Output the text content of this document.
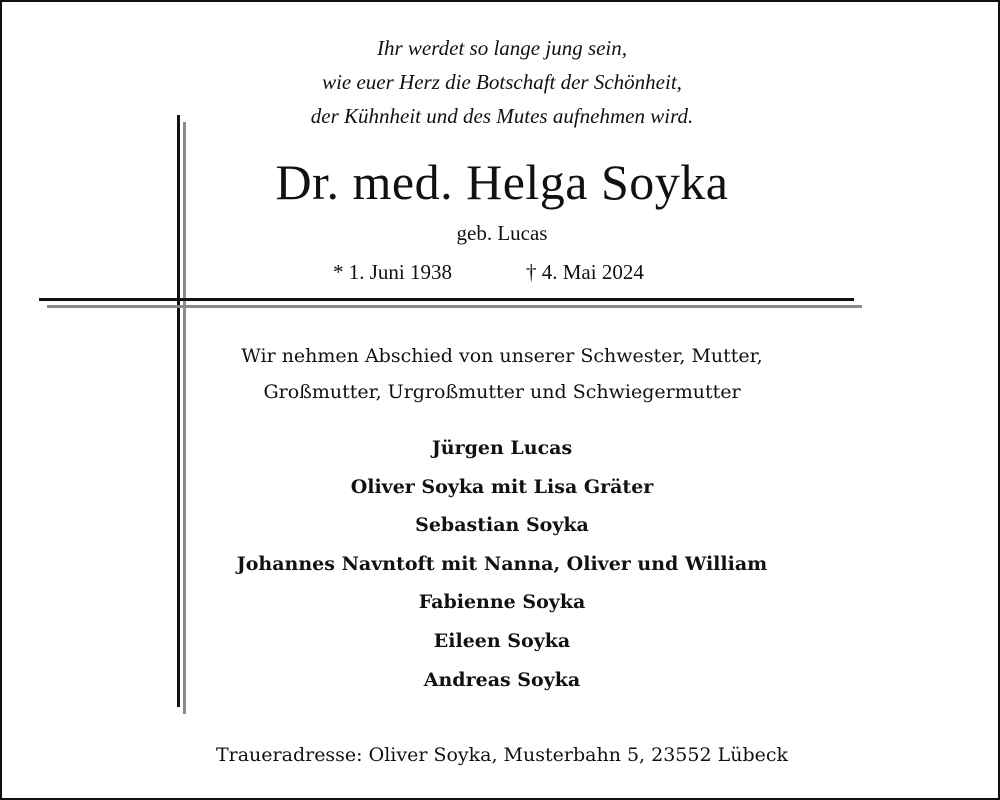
Ihr werdet so lange jung sein,
wie euer Herz die Botschaft der Schönheit,
der Kühnheit und des Mutes aufnehmen wird.
Dr. med. Helga Soyka
geb. Lucas
* 1. Juni 1938	† 4. Mai 2024
Wir nehmen Abschied von unserer Schwester, Mutter,
Großmutter, Urgroßmutter und Schwiegermutter
Jürgen Lucas
Oliver Soyka mit Lisa Gräter
Sebastian Soyka
Johannes Navntoft mit Nanna, Oliver und William
Fabienne Soyka
Eileen Soyka
Andreas Soyka
Traueradresse: Oliver Soyka, Musterbahn 5, 23552 Lübeck
